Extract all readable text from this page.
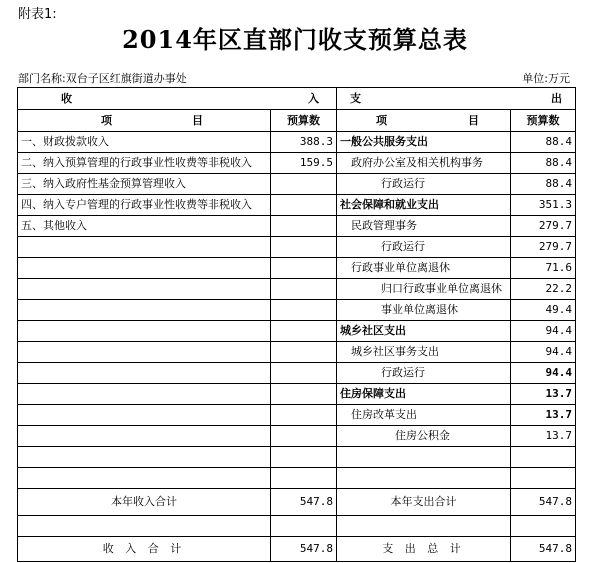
附表1:
2014年区直部门收支预算总表
部门名称:双台子区红旗街道办事处	单位:万元
收 入		支 出	

项 目	预算数	项 目	预算数
一、财政拨款收入	388.3	一般公共服务支出	88.4
二、纳入预算管理的行政事业性收费等非税收入	159.5	政府办公室及相关机构事务	88.4
三、纳入政府性基金预算管理收入		行政运行	88.4
四、纳入专户管理的行政事业性收费等非税收入		社会保障和就业支出	351.3
五、其他收入		民政管理事务	279.7
		行政运行	279.7
		行政事业单位离退休	71.6
		归口行政事业单位离退休	22.2
		事业单位离退休	49.4
		城乡社区支出	94.4
		城乡社区事务支出	94.4
		行政运行	94.4
		住房保障支出	13.7
		住房改革支出	13.7
		住房公积金	13.7

本年收入合计	547.8	本年支出合计	547.8

收 入 合 计	547.8	支 出 总 计	547.8
